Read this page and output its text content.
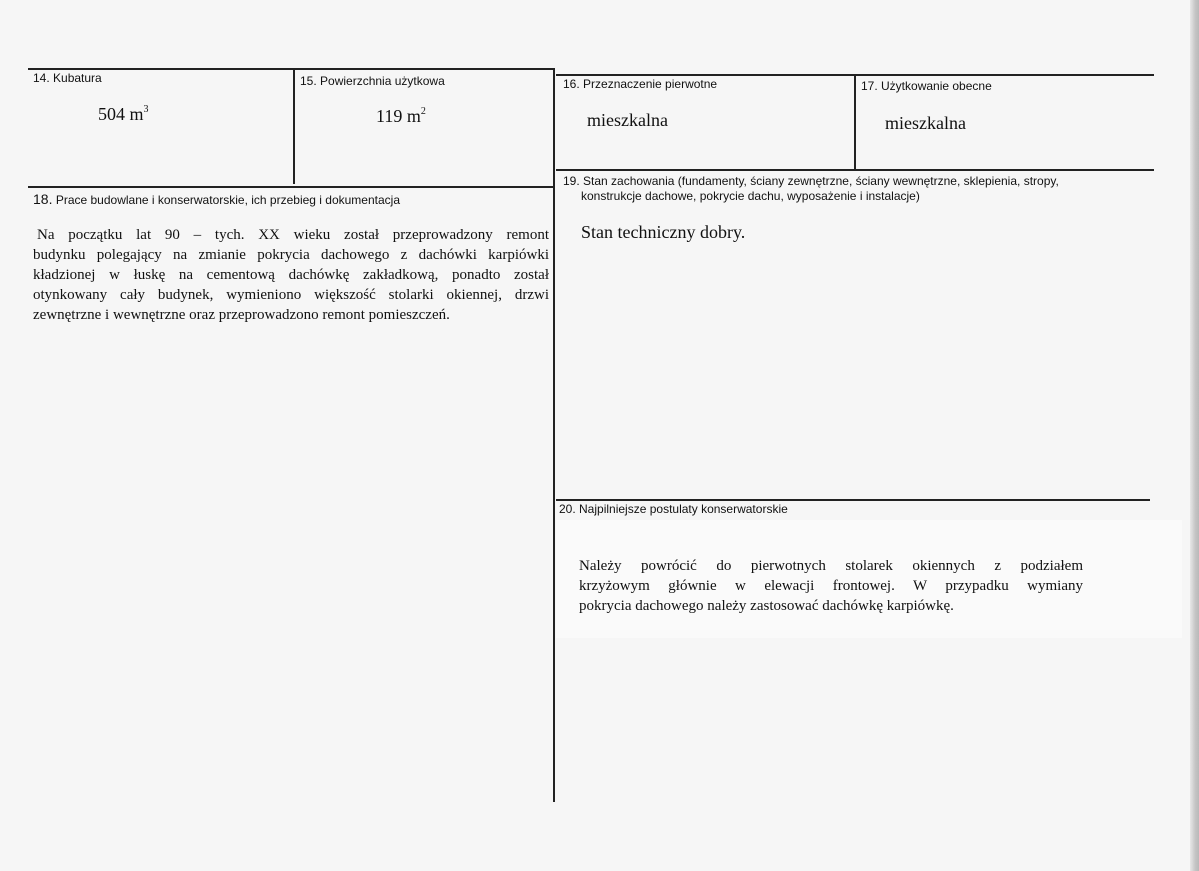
14. Kubatura
504 $m^3$
15. Powierzchnia użytkowa
119 $m^2$
16. Przeznaczenie pierwotne
mieszkalna
17. Użytkowanie obecne
mieszkalna
18. Prace budowlane i konserwatorskie, ich przebieg i dokumentacja
Na początku lat 90 – tych. XX wieku został przeprowadzony remont
budynku polegający na zmianie pokrycia dachowego z dachówki karpiówki
kładzionej w łuskę na cementową dachówkę zakładkową, ponadto został
otynkowany cały budynek, wymieniono większość stolarki okiennej, drzwi
zewnętrzne i wewnętrzne oraz przeprowadzono remont pomieszczeń.
19. Stan zachowania (fundamenty, ściany zewnętrzne, ściany wewnętrzne, sklepienia, stropy,
konstrukcje dachowe, pokrycie dachu, wyposażenie i instalacje)
Stan techniczny dobry.
20. Najpilniejsze postulaty konserwatorskie
Należy powrócić do pierwotnych stolarek okiennych z podziałem
krzyżowym głównie w elewacji frontowej. W przypadku wymiany
pokrycia dachowego należy zastosować dachówkę karpiówkę.
